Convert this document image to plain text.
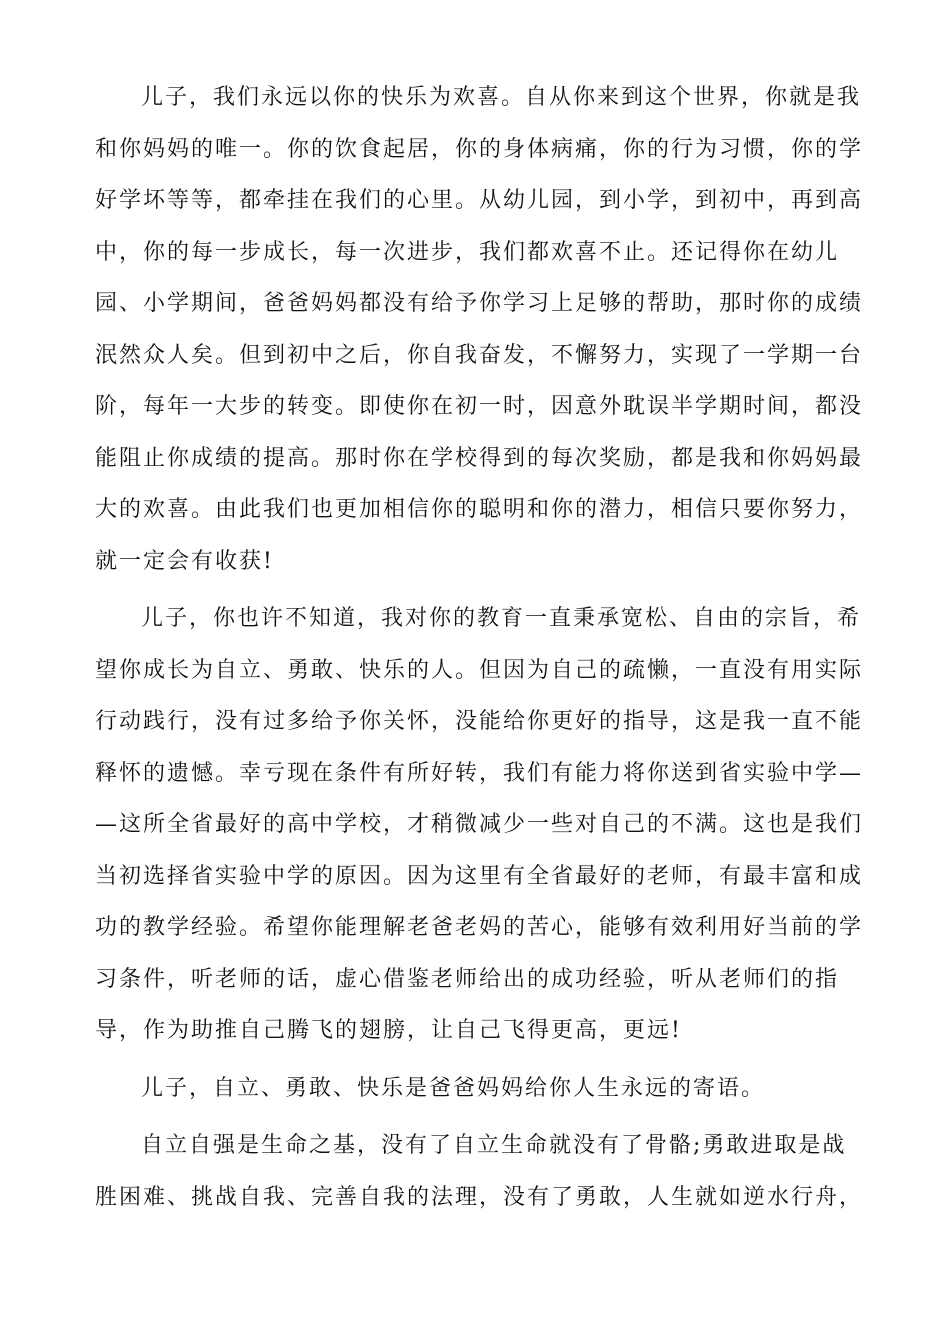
儿子，我们永远以你的快乐为欢喜。自从你来到这个世界，你就是我
和你妈妈的唯一。你的饮食起居，你的身体病痛，你的行为习惯，你的学
好学坏等等，都牵挂在我们的心里。从幼儿园，到小学，到初中，再到高
中，你的每一步成长，每一次进步，我们都欢喜不止。还记得你在幼儿
园、小学期间，爸爸妈妈都没有给予你学习上足够的帮助，那时你的成绩
泯然众人矣。但到初中之后，你自我奋发，不懈努力，实现了一学期一台
阶，每年一大步的转变。即使你在初一时，因意外耽误半学期时间，都没
能阻止你成绩的提高。那时你在学校得到的每次奖励，都是我和你妈妈最
大的欢喜。由此我们也更加相信你的聪明和你的潜力，相信只要你努力，
就一定会有收获!
儿子，你也许不知道，我对你的教育一直秉承宽松、自由的宗旨，希
望你成长为自立、勇敢、快乐的人。但因为自己的疏懒，一直没有用实际
行动践行，没有过多给予你关怀，没能给你更好的指导，这是我一直不能
释怀的遗憾。幸亏现在条件有所好转，我们有能力将你送到省实验中学—
—这所全省最好的高中学校，才稍微减少一些对自己的不满。这也是我们
当初选择省实验中学的原因。因为这里有全省最好的老师，有最丰富和成
功的教学经验。希望你能理解老爸老妈的苦心，能够有效利用好当前的学
习条件，听老师的话，虚心借鉴老师给出的成功经验，听从老师们的指
导，作为助推自己腾飞的翅膀，让自己飞得更高，更远!
儿子，自立、勇敢、快乐是爸爸妈妈给你人生永远的寄语。
自立自强是生命之基，没有了自立生命就没有了骨骼;勇敢进取是战
胜困难、挑战自我、完善自我的法理，没有了勇敢，人生就如逆水行舟，
